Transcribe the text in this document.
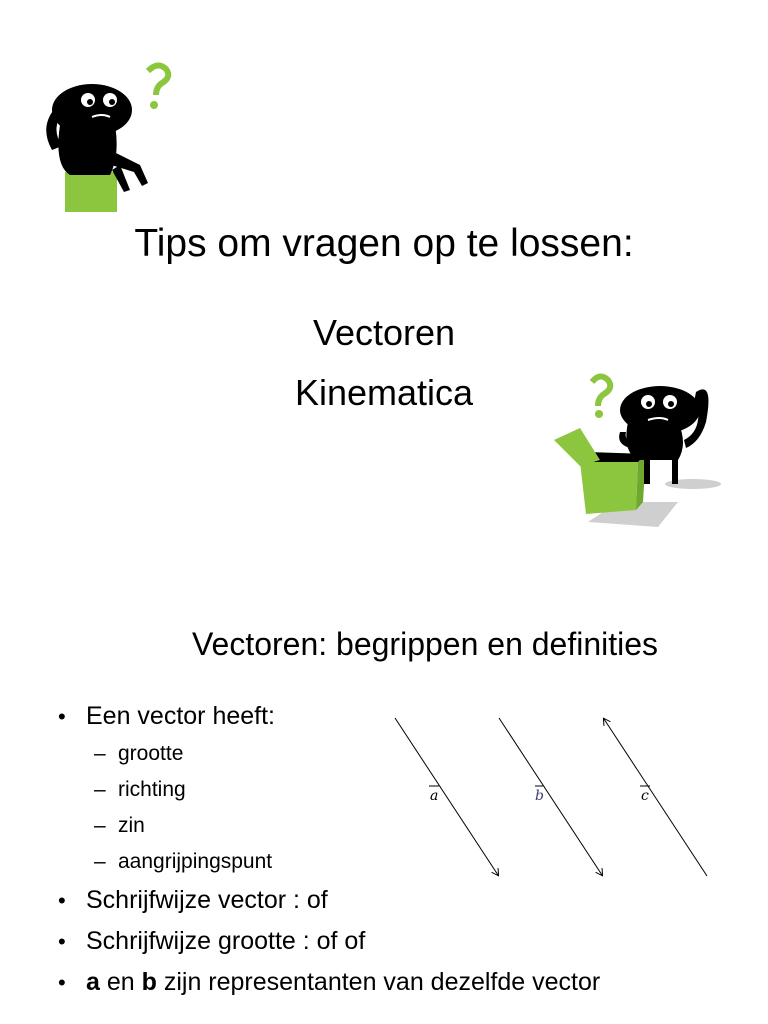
Tips om vragen op te lossen:
Vectoren
Kinematica
Vectoren: begrippen en definities
• Een vector heeft:
– grootte
– richting
– zin
– aangrijpingspunt
• Schrijfwijze vector : of
• Schrijfwijze grootte : of of
• a en b zijn representanten van dezelfde vector
a	b	c
